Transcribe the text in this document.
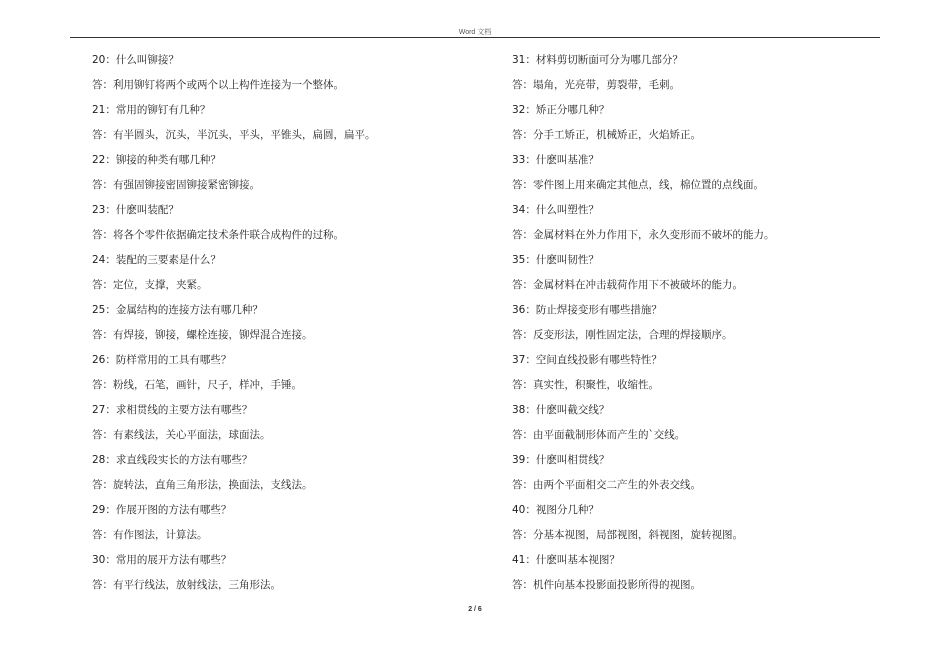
Word 文档
20：什么叫铆接？
答：利用铆钉将两个或两个以上构件连接为一个整体。
21：常用的铆钉有几种？
答：有半圆头，沉头，半沉头，平头，平锥头，扁圆，扁平。
22：铆接的种类有哪几种？
答：有强固铆接密固铆接紧密铆接。
23：什麽叫装配？
答：将各个零件依据确定技术条件联合成构件的过称。
24：装配的三要素是什么？
答：定位，支撑，夹紧。
25：金属结构的连接方法有哪几种？
答：有焊接，铆接，螺栓连接，铆焊混合连接。
26：防样常用的工具有哪些？
答：粉线，石笔，画针，尺子，样冲，手锤。
27：求相贯线的主要方法有哪些？
答：有素线法，关心平面法，球面法。
28：求直线段实长的方法有哪些？
答：旋转法，直角三角形法，换面法，支线法。
29：作展开图的方法有哪些？
答：有作图法，计算法。
30：常用的展开方法有哪些？
答：有平行线法，放射线法，三角形法。
31：材料剪切断面可分为哪几部分？
答：塌角，光亮带，剪裂带，毛刺。
32：矫正分哪几种？
答：分手工矫正，机械矫正，火焰矫正。
33：什麽叫基准？
答：零件图上用来确定其他点，线，棉位置的点线面。
34：什么叫塑性？
答：金属材料在外力作用下，永久变形而不破坏的能力。
35：什麽叫韧性？
答：金属材料在冲击载荷作用下不被破坏的能力。
36：防止焊接变形有哪些措施？
答：反变形法，刚性固定法，合理的焊接顺序。
37：空间直线投影有哪些特性？
答：真实性，积聚性，收缩性。
38：什麽叫截交线？
答：由平面截制形体而产生的`交线。
39：什麽叫相贯线？
答：由两个平面相交二产生的外表交线。
40：视图分几种？
答：分基本视图，局部视图，斜视图，旋转视图。
41：什麽叫基本视图？
答：机件向基本投影面投影所得的视图。
2 / 6
